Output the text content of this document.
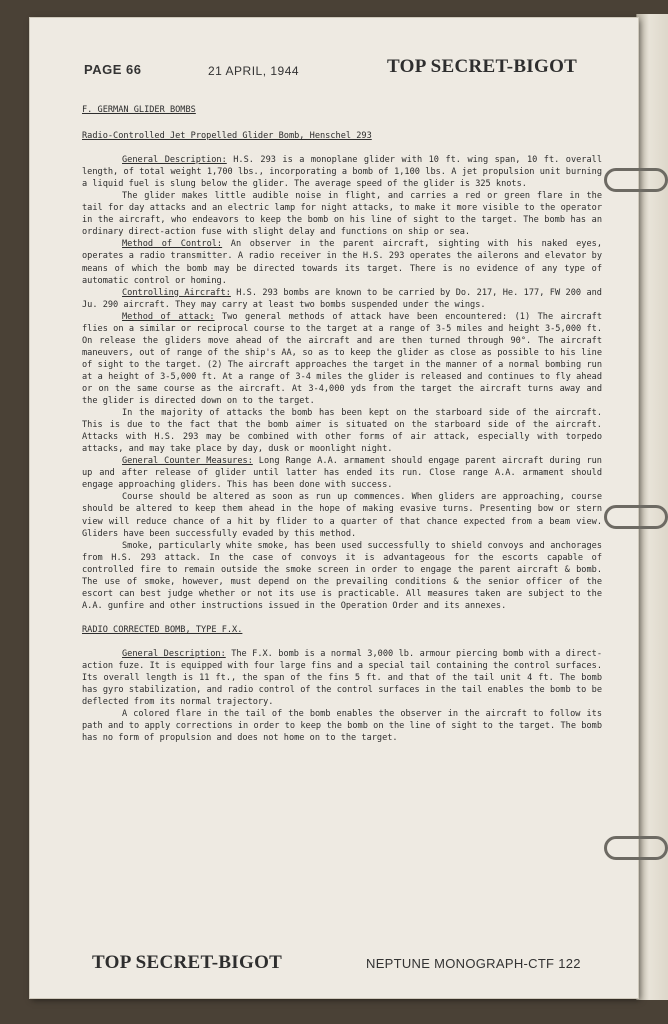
PAGE 66	21 APRIL, 1944	TOP SECRET-BIGOT

F. GERMAN GLIDER BOMBS

Radio-Controlled Jet Propelled Glider Bomb, Henschel 293

General Description: H.S. 293 is a monoplane glider with 10 ft. wing span, 10 ft. overall length, of total weight 1,700 lbs., incorporating a bomb of 1,100 lbs. A jet propulsion unit burning a liquid fuel is slung below the glider. The average speed of the glider is 325 knots.

The glider makes little audible noise in flight, and carries a red or green flare in the tail for day attacks and an electric lamp for night attacks, to make it more visible to the operator in the aircraft, who endeavors to keep the bomb on his line of sight to the target. The bomb has an ordinary direct-action fuse with slight delay and functions on ship or sea.

Method of Control: An observer in the parent aircraft, sighting with his naked eyes, operates a radio transmitter. A radio receiver in the H.S. 293 operates the ailerons and elevator by means of which the bomb may be directed towards its target. There is no evidence of any type of automatic control or homing.

Controlling Aircraft: H.S. 293 bombs are known to be carried by Do. 217, He. 177, FW 200 and Ju. 290 aircraft. They may carry at least two bombs suspended under the wings.

Method of attack: Two general methods of attack have been encountered: (1) The aircraft flies on a similar or reciprocal course to the target at a range of 3-5 miles and height 3-5,000 ft. On release the gliders move ahead of the aircraft and are then turned through 90°. The aircraft maneuvers, out of range of the ship's AA, so as to keep the glider as close as possible to his line of sight to the target. (2) The aircraft approaches the target in the manner of a normal bombing run at a height of 3-5,000 ft. At a range of 3-4 miles the glider is released and continues to fly ahead or on the same course as the aircraft. At 3-4,000 yds from the target the aircraft turns away and the glider is directed down on to the target.

In the majority of attacks the bomb has been kept on the starboard side of the aircraft. This is due to the fact that the bomb aimer is situated on the starboard side of the aircraft. Attacks with H.S. 293 may be combined with other forms of air attack, especially with torpedo attacks, and may take place by day, dusk or moonlight night.

General Counter Measures: Long Range A.A. armament should engage parent aircraft during run up and after release of glider until latter has ended its run. Close range A.A. armament should engage approaching gliders. This has been done with success.

Course should be altered as soon as run up commences. When gliders are approaching, course should be altered to keep them ahead in the hope of making evasive turns. Presenting bow or stern view will reduce chance of a hit by flider to a quarter of that chance expected from a beam view. Gliders have been successfully evaded by this method.

Smoke, particularly white smoke, has been used successfully to shield convoys and anchorages from H.S. 293 attack. In the case of convoys it is advantageous for the escorts capable of controlled fire to remain outside the smoke screen in order to engage the parent aircraft & bomb. The use of smoke, however, must depend on the prevailing conditions & the senior officer of the escort can best judge whether or not its use is practicable. All measures taken are subject to the A.A. gunfire and other instructions issued in the Operation Order and its annexes.

RADIO CORRECTED BOMB, TYPE F.X.

General Description: The F.X. bomb is a normal 3,000 lb. armour piercing bomb with a direct-action fuze. It is equipped with four large fins and a special tail containing the control surfaces. Its overall length is 11 ft., the span of the fins 5 ft. and that of the tail unit 4 ft. The bomb has gyro stabilization, and radio control of the control surfaces in the tail enables the bomb to be deflected from its normal trajectory.

A colored flare in the tail of the bomb enables the observer in the aircraft to follow its path and to apply corrections in order to keep the bomb on the line of sight to the target. The bomb has no form of propulsion and does not home on to the target.

TOP SECRET-BIGOT	NEPTUNE MONOGRAPH-CTF 122
